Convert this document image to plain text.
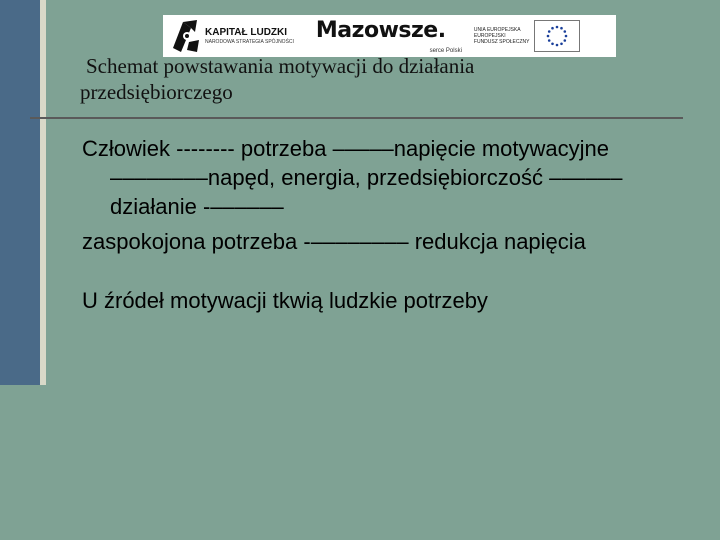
KAPITAŁ LUDZKI
NARODOWA STRATEGIA SPÓJNOŚCI Mazowsze.
serce Polski
UNIA EUROPEJSKA
EUROPEJSKI
FUNDUSZ SPOŁECZNY
Schemat powstawania motywacji do działania
przedsiębiorczego

Człowiek -------- potrzeba –––––napięcie motywacyjne ––––––––napęd, energia, przedsiębiorczość –––––– działanie -––––––

zaspokojona potrzeba -–––––––– redukcja napięcia

U źródeł motywacji tkwią ludzkie potrzeby
